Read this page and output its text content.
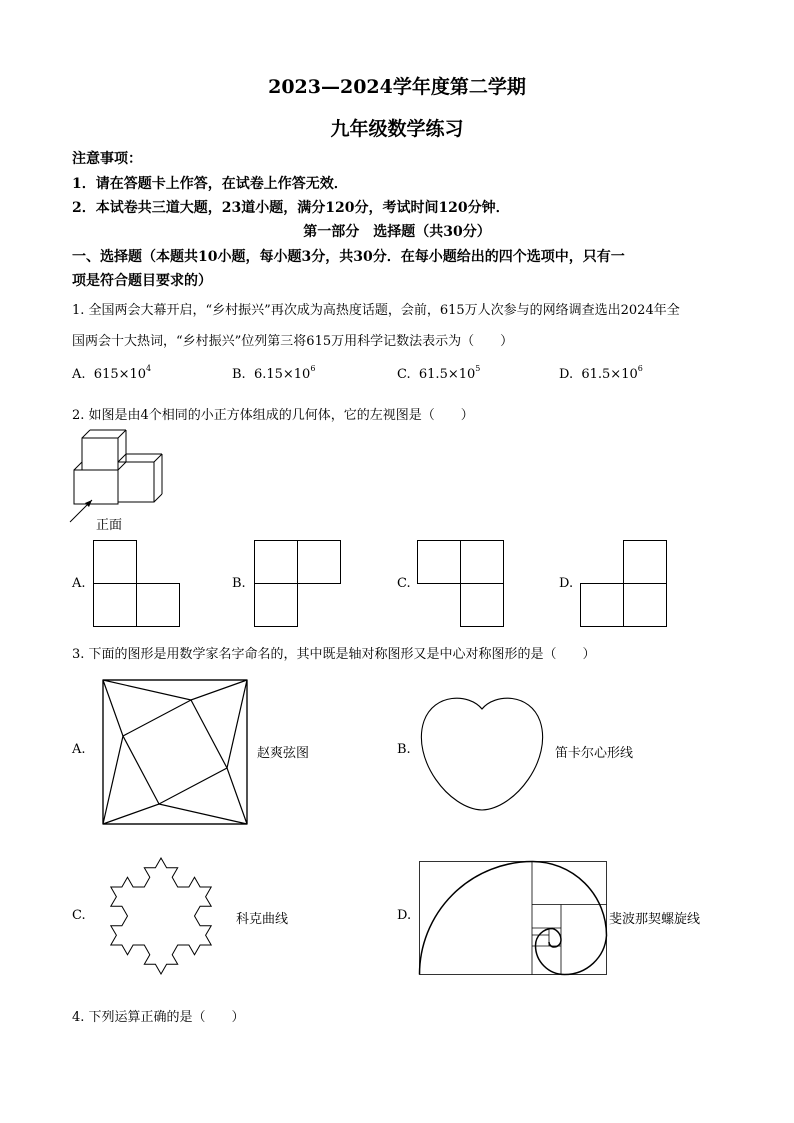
2023—2024学年度第二学期
九年级数学练习
注意事项：
1．请在答题卡上作答，在试卷上作答无效．
2．本试卷共三道大题，23道小题，满分120分，考试时间120分钟．
第一部分　选择题（共30分）
一、选择题（本题共10小题，每小题3分，共30分．在每小题给出的四个选项中，只有一
项是符合题目要求的）
1. 全国两会大幕开启，“乡村振兴”再次成为高热度话题，会前，615万人次参与的网络调查选出2024年全
国两会十大热词，“乡村振兴”位列第三将615万用科学记数法表示为（　　）
A. $615\times 10^4$	B. $6.15\times 10^6$	C. $61.5\times 10^5$	D. $61.5\times 10^6$
2. 如图是由4个相同的小正方体组成的几何体，它的左视图是（　　）
正面
A.	B.	C.	D.
3. 下面的图形是用数学家名字命名的，其中既是轴对称图形又是中心对称图形的是（　　）
A.	赵爽弦图	B.	笛卡尔心形线
C.	科克曲线	D.	斐波那契螺旋线
4. 下列运算正确的是（　　）
